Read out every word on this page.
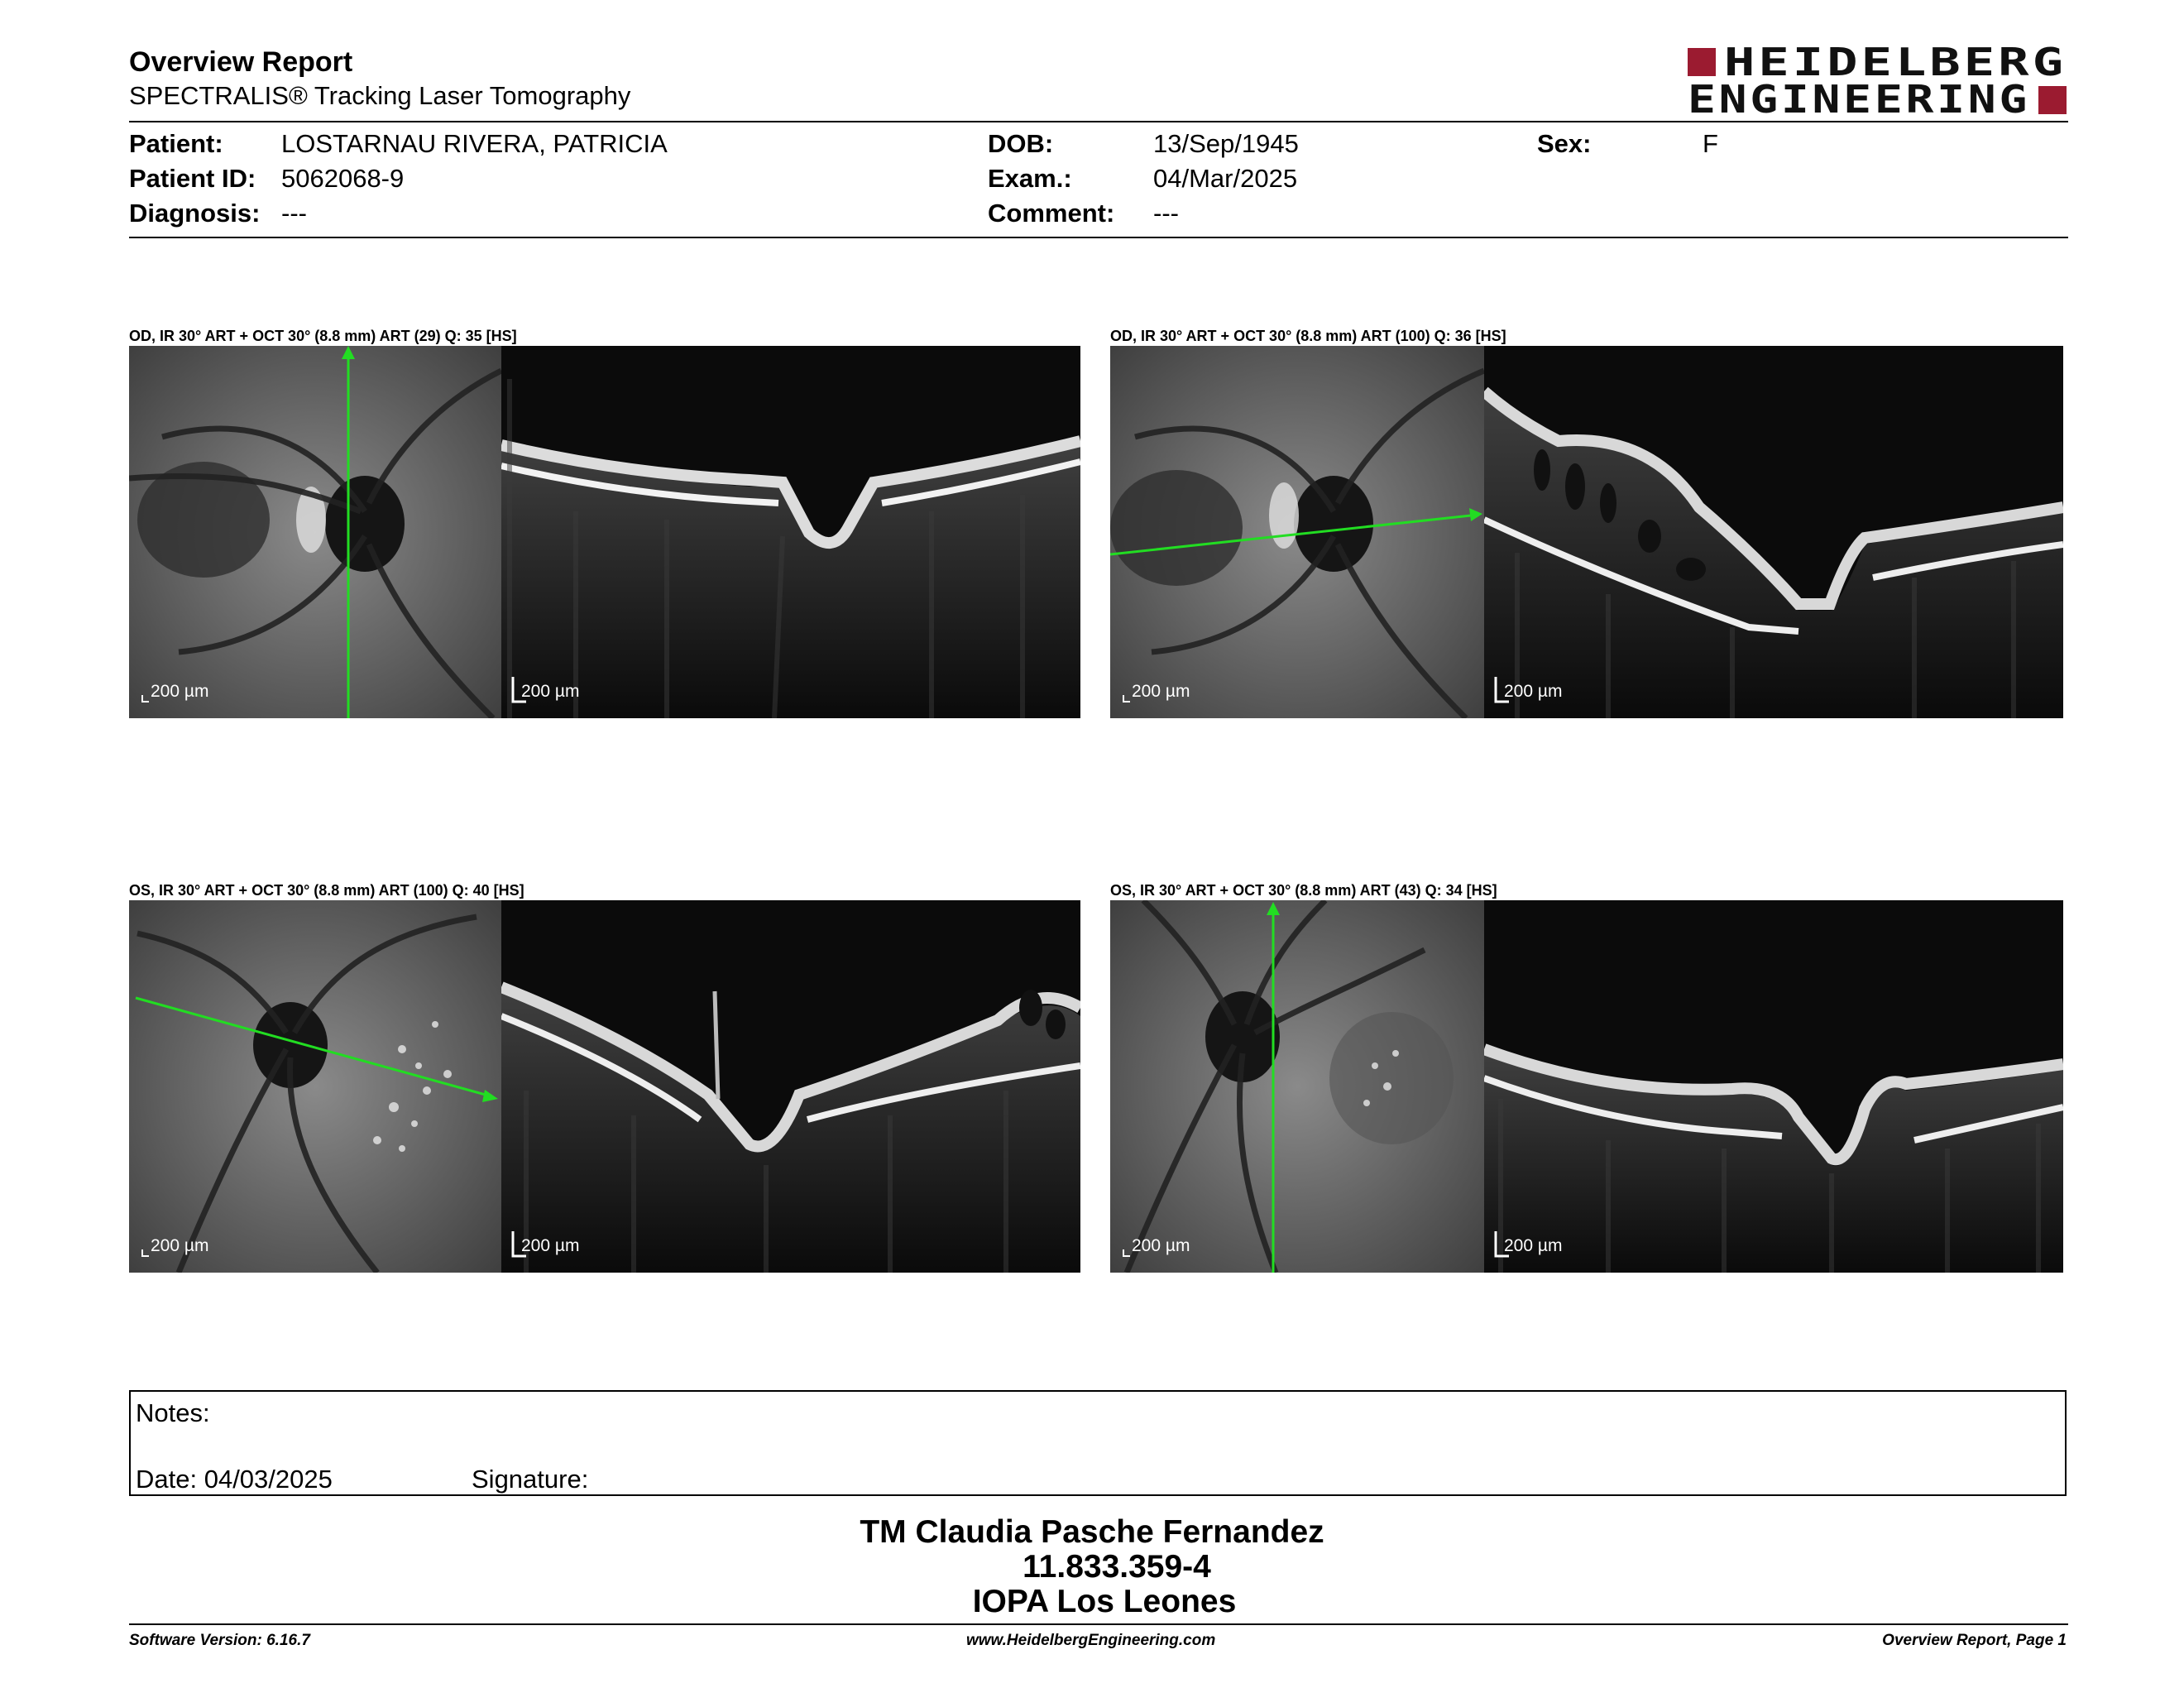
Overview Report
SPECTRALIS® Tracking Laser Tomography
HEIDELBERG
ENGINEERING
Patient: LOSTARNAU RIVERA, PATRICIA
Patient ID: 5062068-9
Diagnosis: ---
DOB:	13/Sep/1945
Exam.:	04/Mar/2025
Comment: ---
Sex:	F
OD, IR 30° ART + OCT 30° (8.8 mm) ART (29) Q: 35 [HS]
200 µm	200 µm
OD, IR 30° ART + OCT 30° (8.8 mm) ART (100) Q: 36 [HS]
200 µm	200 µm
OS, IR 30° ART + OCT 30° (8.8 mm) ART (100) Q: 40 [HS]
200 µm	200 µm
OS, IR 30° ART + OCT 30° (8.8 mm) ART (43) Q: 34 [HS]
200 µm	200 µm
Notes:
Date: 04/03/2025	Signature:
TM Claudia Pasche Fernandez
11.833.359-4
IOPA Los Leones
Software Version: 6.16.7	www.HeidelbergEngineering.com	Overview Report, Page 1
